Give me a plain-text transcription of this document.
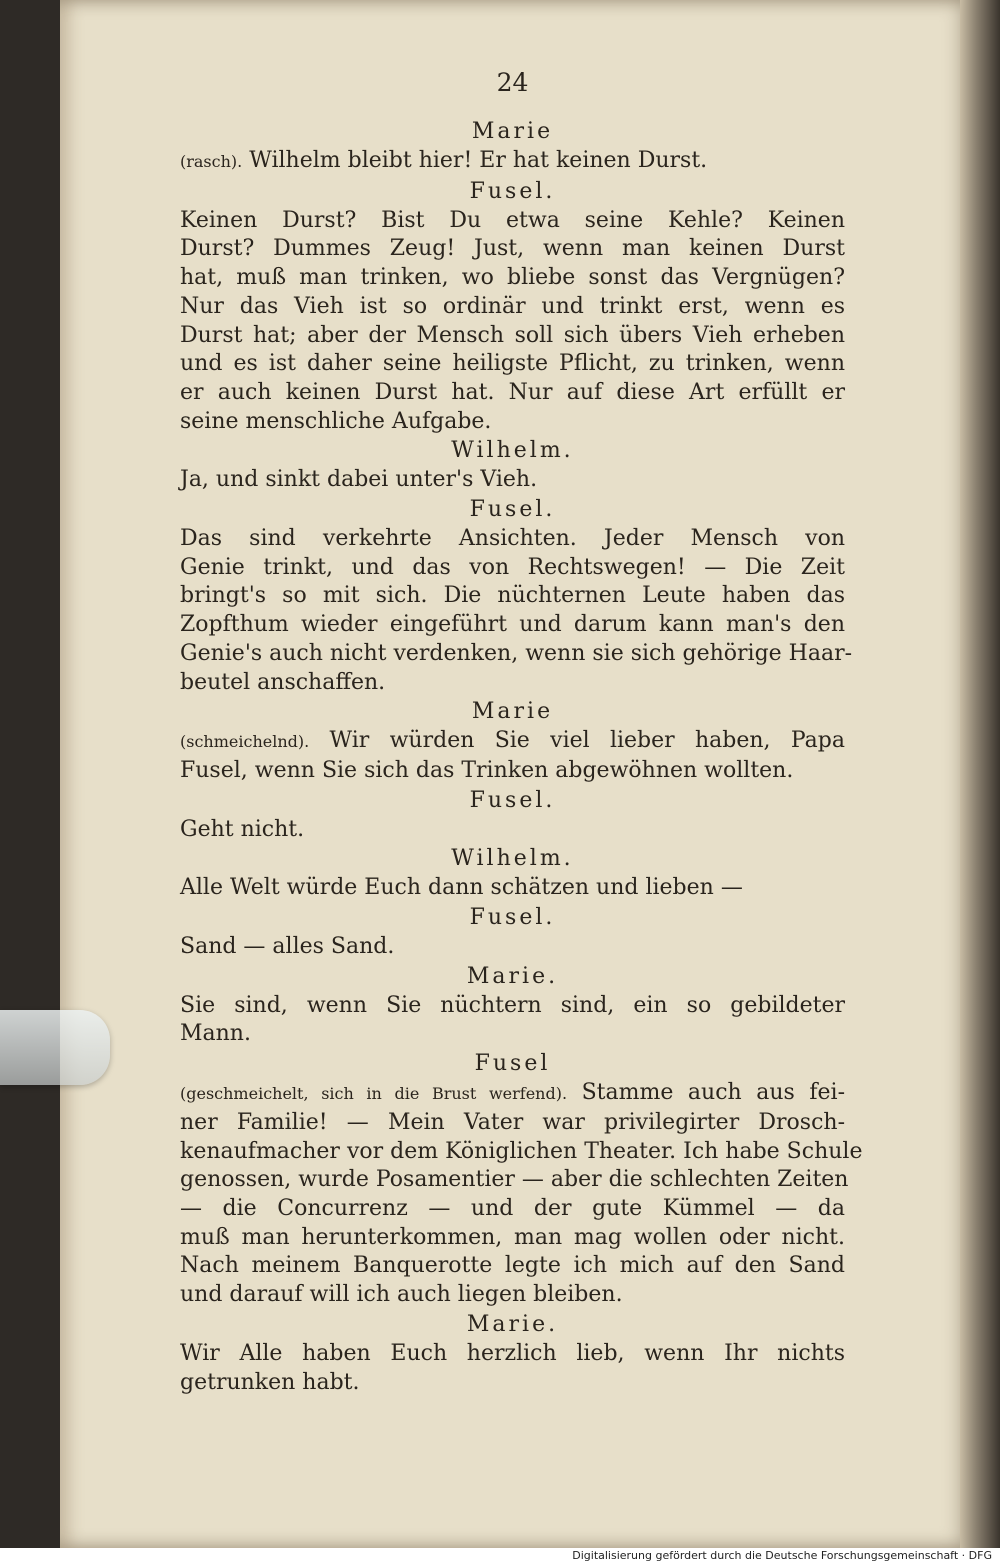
24
Marie
(rasch). Wilhelm bleibt hier! Er hat keinen Durst.
Fusel.
Keinen Durst? Bist Du etwa seine Kehle? Keinen
Durst? Dummes Zeug! Just, wenn man keinen Durst
hat, muß man trinken, wo bliebe sonst das Vergnügen?
Nur das Vieh ist so ordinär und trinkt erst, wenn es
Durst hat; aber der Mensch soll sich übers Vieh erheben
und es ist daher seine heiligste Pflicht, zu trinken, wenn
er auch keinen Durst hat. Nur auf diese Art erfüllt er
seine menschliche Aufgabe.
Wilhelm.
Ja, und sinkt dabei unter's Vieh.
Fusel.
Das sind verkehrte Ansichten. Jeder Mensch von
Genie trinkt, und das von Rechtswegen! — Die Zeit
bringt's so mit sich. Die nüchternen Leute haben das
Zopfthum wieder eingeführt und darum kann man's den
Genie's auch nicht verdenken, wenn sie sich gehörige Haar-
beutel anschaffen.
Marie
(schmeichelnd). Wir würden Sie viel lieber haben, Papa
Fusel, wenn Sie sich das Trinken abgewöhnen wollten.
Fusel.
Geht nicht.
Wilhelm.
Alle Welt würde Euch dann schätzen und lieben —
Fusel.
Sand — alles Sand.
Marie.
Sie sind, wenn Sie nüchtern sind, ein so gebildeter
Mann.
Fusel
(geschmeichelt, sich in die Brust werfend). Stamme auch aus fei-
ner Familie! — Mein Vater war privilegirter Drosch-
kenaufmacher vor dem Königlichen Theater. Ich habe Schule
genossen, wurde Posamentier — aber die schlechten Zeiten
— die Concurrenz — und der gute Kümmel — da
muß man herunterkommen, man mag wollen oder nicht.
Nach meinem Banquerotte legte ich mich auf den Sand
und darauf will ich auch liegen bleiben.
Marie.
Wir Alle haben Euch herzlich lieb, wenn Ihr nichts
getrunken habt.
Digitalisierung gefördert durch die Deutsche Forschungsgemeinschaft · DFG
